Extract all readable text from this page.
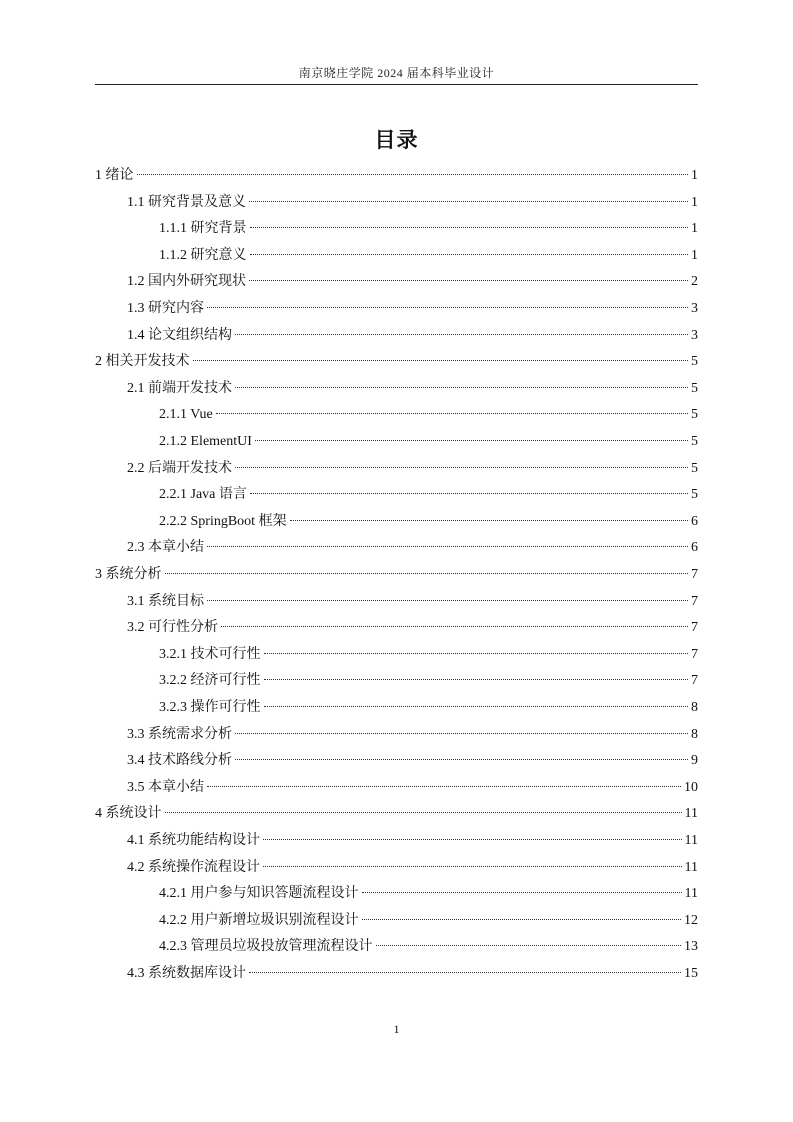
南京晓庄学院 2024 届本科毕业设计
目录
1 绪论	1
1.1 研究背景及意义	1
1.1.1 研究背景	1
1.1.2 研究意义	1
1.2 国内外研究现状	2
1.3 研究内容	3
1.4 论文组织结构	3
2 相关开发技术	5
2.1 前端开发技术	5
2.1.1 Vue	5
2.1.2 ElementUI	5
2.2 后端开发技术	5
2.2.1 Java 语言	5
2.2.2 SpringBoot 框架	6
2.3 本章小结	6
3 系统分析	7
3.1 系统目标	7
3.2 可行性分析	7
3.2.1 技术可行性	7
3.2.2 经济可行性	7
3.2.3 操作可行性	8
3.3 系统需求分析	8
3.4 技术路线分析	9
3.5 本章小结	10
4 系统设计	11
4.1 系统功能结构设计	11
4.2 系统操作流程设计	11
4.2.1 用户参与知识答题流程设计	11
4.2.2 用户新增垃圾识别流程设计	12
4.2.3 管理员垃圾投放管理流程设计	13
4.3 系统数据库设计	15
1
